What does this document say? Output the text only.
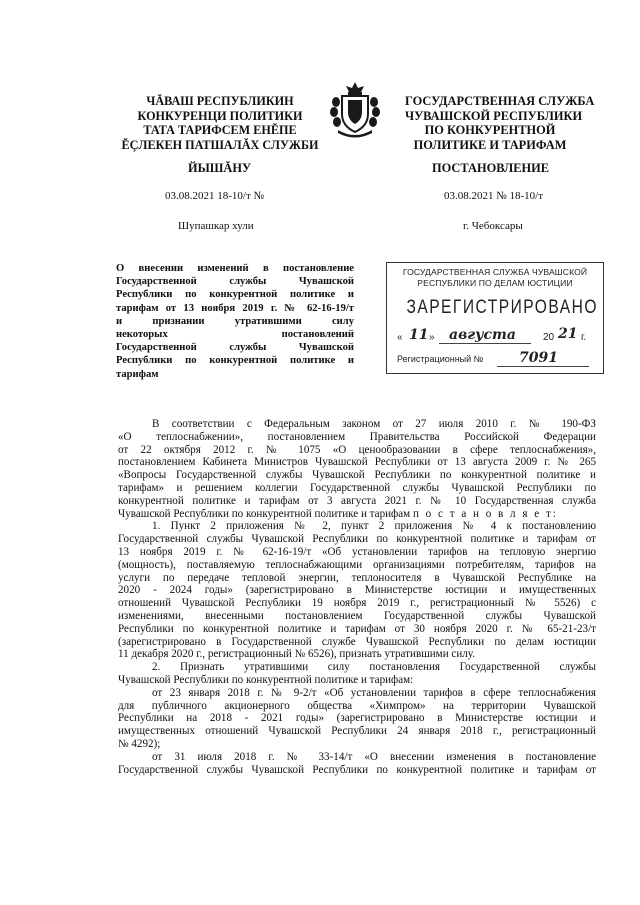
ЧĂВАШ РЕСПУБЛИКИН
КОНКУРЕНЦИ ПОЛИТИКИ
ТАТА ТАРИФСЕМ ЕНĔПЕ
ĔÇЛЕКЕН ПАТШАЛĂХ СЛУЖБИ
ЙЫШĂНУ
03.08.2021 18-10/т №
Шупашкар хули
ГОСУДАРСТВЕННАЯ СЛУЖБА
ЧУВАШСКОЙ РЕСПУБЛИКИ
ПО КОНКУРЕНТНОЙ
ПОЛИТИКЕ И ТАРИФАМ
ПОСТАНОВЛЕНИЕ
03.08.2021 № 18-10/т
г. Чебоксары
О внесении изменений в постановление
Государственной службы Чувашской
Республики по конкурентной политике и
тарифам от 13 ноября 2019 г. № 62-16-19/т
и признании утратившими силу
некоторых постановлений
Государственной службы Чувашской
Республики по конкурентной политике и
тарифам
ГОСУДАРСТВЕННАЯ СЛУЖБА ЧУВАШСКОЙ
РЕСПУБЛИКИ ПО ДЕЛАМ ЮСТИЦИИ
ЗАРЕГИСТРИРОВАНО
« 11 » августа	20 21 г.
Регистрационный №	7091
В соответствии с Федеральным законом от 27 июля 2010 г. № 190-ФЗ
«О теплоснабжении», постановлением Правительства Российской Федерации
от 22 октября 2012 г. № 1075 «О ценообразовании в сфере теплоснабжения»,
постановлением Кабинета Министров Чувашской Республики от 13 августа 2009 г. № 265
«Вопросы Государственной службы Чувашской Республики по конкурентной политике и
тарифам» и решением коллегии Государственной службы Чувашской Республики по
конкурентной политике и тарифам от 3 августа 2021 г. № 10 Государственная служба
Чувашской Республики по конкурентной политике и тарифам п о с т а н о в л я е т:
1. Пункт 2 приложения № 2, пункт 2 приложения № 4 к постановлению
Государственной службы Чувашской Республики по конкурентной политике и тарифам от
13 ноября 2019 г. № 62-16-19/т «Об установлении тарифов на тепловую энергию
(мощность), поставляемую теплоснабжающими организациями потребителям, тарифов на
услуги по передаче тепловой энергии, теплоносителя в Чувашской Республике на
2020 - 2024 годы» (зарегистрировано в Министерстве юстиции и имущественных
отношений Чувашской Республики 19 ноября 2019 г., регистрационный № 5526) с
изменениями, внесенными постановлением Государственной службы Чувашской
Республики по конкурентной политике и тарифам от 30 ноября 2020 г. № 65-21-23/т
(зарегистрировано в Государственной службе Чувашской Республики по делам юстиции
11 декабря 2020 г., регистрационный № 6526), признать утратившими силу.
2. Признать утратившими силу постановления Государственной службы
Чувашской Республики по конкурентной политике и тарифам:
от 23 января 2018 г. № 9-2/т «Об установлении тарифов в сфере теплоснабжения
для публичного акционерного общества «Химпром» на территории Чувашской
Республики на 2018 - 2021 годы» (зарегистрировано в Министерстве юстиции и
имущественных отношений Чувашской Республики 24 января 2018 г., регистрационный
№ 4292);
от 31 июля 2018 г. № 33-14/т «О внесении изменения в постановление
Государственной службы Чувашской Республики по конкурентной политике и тарифам от
